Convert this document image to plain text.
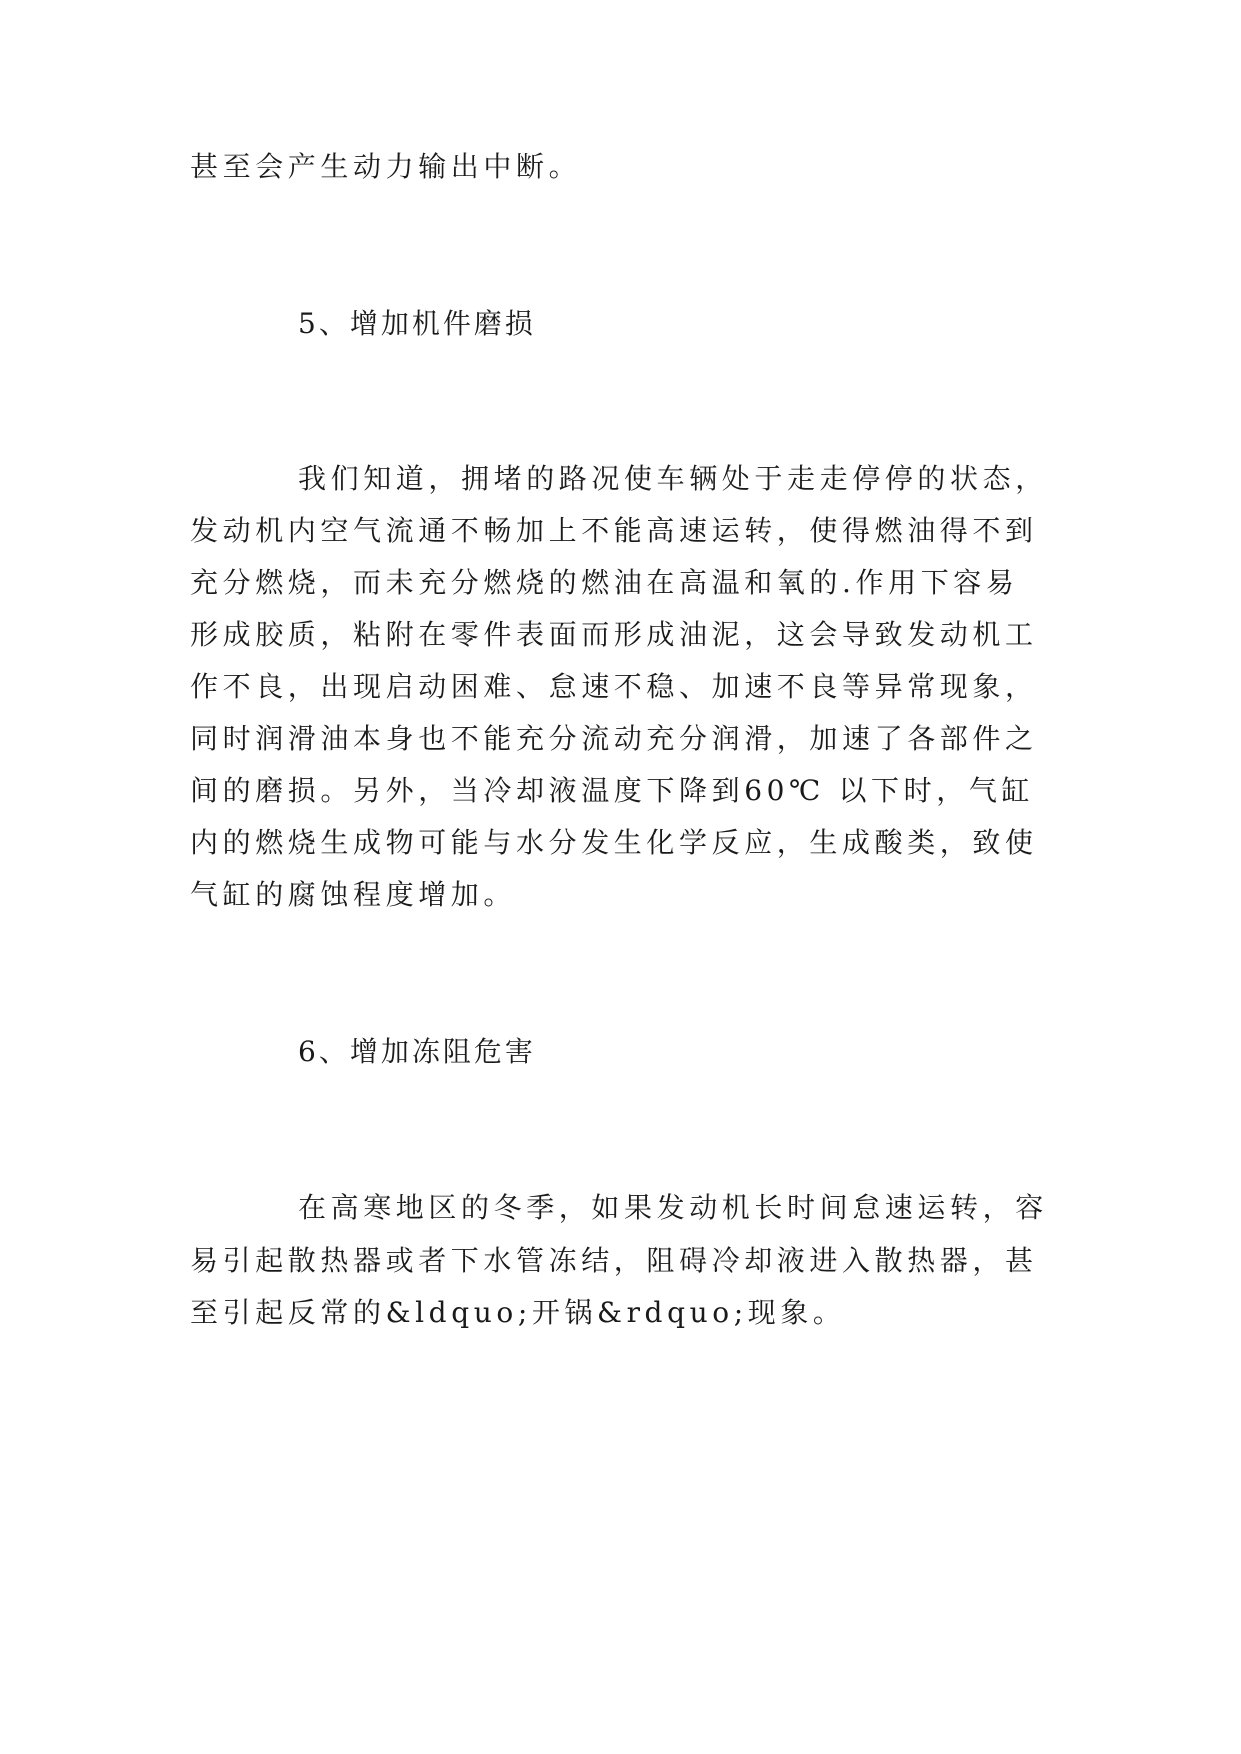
甚至会产生动力输出中断。
5、增加机件磨损
我们知道，拥堵的路况使车辆处于走走停停的状态，
发动机内空气流通不畅加上不能高速运转，使得燃油得不到
充分燃烧，而未充分燃烧的燃油在高温和氧的.作用下容易
形成胶质，粘附在零件表面而形成油泥，这会导致发动机工
作不良，出现启动困难、怠速不稳、加速不良等异常现象，
同时润滑油本身也不能充分流动充分润滑，加速了各部件之
间的磨损。另外，当冷却液温度下降到60℃ 以下时，气缸
内的燃烧生成物可能与水分发生化学反应，生成酸类，致使
气缸的腐蚀程度增加。
6、增加冻阻危害
在高寒地区的冬季，如果发动机长时间怠速运转，容
易引起散热器或者下水管冻结，阻碍冷却液进入散热器，甚
至引起反常的&ldquo;开锅&rdquo;现象。
